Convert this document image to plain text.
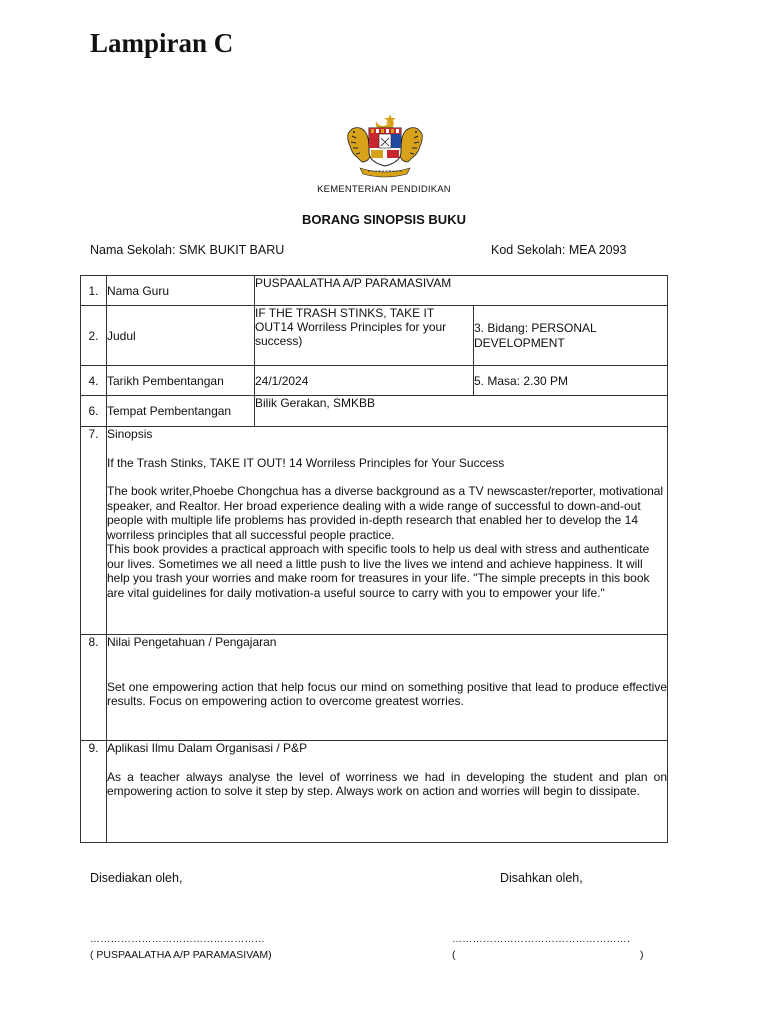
Lampiran C
KEMENTERIAN PENDIDIKAN
BORANG SINOPSIS BUKU
Nama Sekolah: SMK BUKIT BARU	Kod Sekolah: MEA 2093
1.	Nama Guru	PUSPAALATHA A/P PARAMASIVAM	
2.	Judul	IF THE TRASH STINKS, TAKE IT OUT14 Worriless Principles for your success)	3. Bidang: PERSONAL DEVELOPMENT
4.	Tarikh Pembentangan	24/1/2024	5. Masa: 2.30 PM
6.	Tempat Pembentangan	Bilik Gerakan, SMKBB	
7.	Sinopsis

If the Trash Stinks, TAKE IT OUT! 14 Worriless Principles for Your Success

The book writer,Phoebe Chongchua has a diverse background as a TV newscaster/reporter, motivational speaker, and Realtor. Her broad experience dealing with a wide range of successful to down-and-out people with multiple life problems has provided in-depth research that enabled her to develop the 14 worriless principles that all successful people practice.

This book provides a practical approach with specific tools to help us deal with stress and authenticate our lives. Sometimes we all need a little push to live the lives we intend and achieve happiness. It will help you trash your worries and make room for treasures in your life. "The simple precepts in this book are vital guidelines for daily motivation-a useful source to carry with you to empower your life."		

8.	Nilai Pengetahuan / Pengajaran

Set one empowering action that help focus our mind on something positive that lead to produce effective results. Focus on empowering action to overcome greatest worries.		

9.	Aplikasi Ilmu Dalam Organisasi / P&P

As a teacher always analyse the level of worriness we had in developing the student and plan on empowering action to solve it step by step. Always work on action and worries will begin to dissipate.		

Disediakan oleh,	Disahkan oleh,
……………………………………………	…………………………………………….
( PUSPAALATHA A/P PARAMASIVAM)	(	)
